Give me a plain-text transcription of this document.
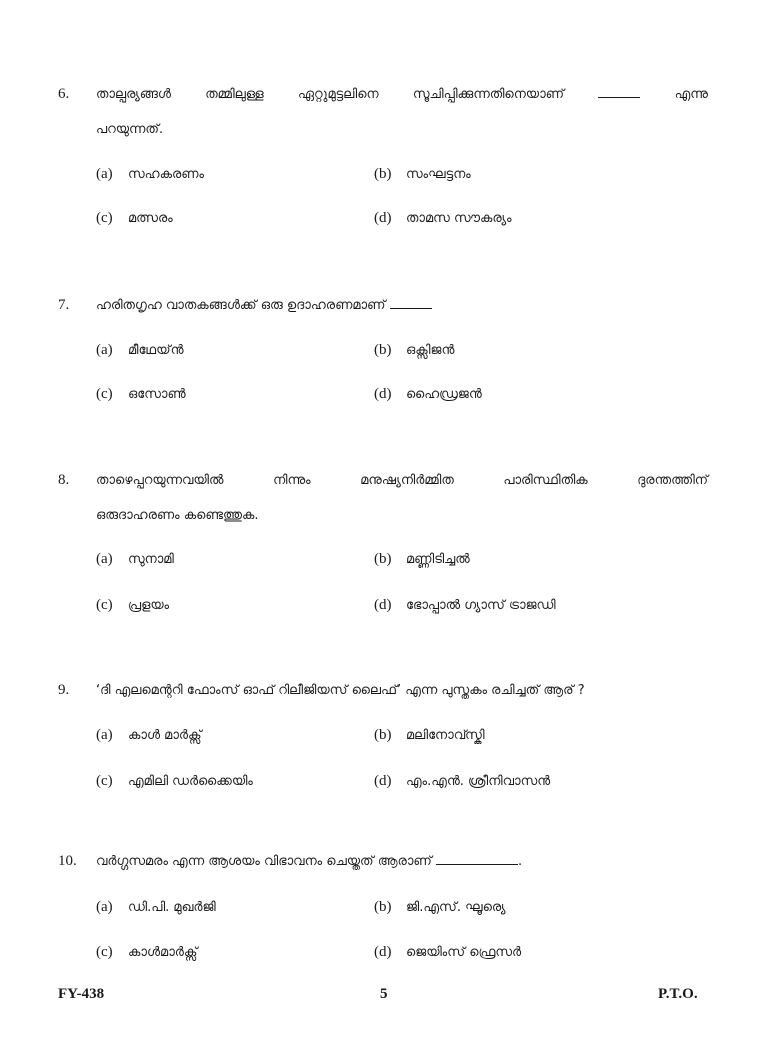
6. താല്പര്യങ്ങൾ തമ്മിലുള്ള ഏറ്റുമുട്ടലിനെ സൂചിപ്പിക്കുന്നതിനെയാണ്	എന്നു
പറയുന്നത്.
(a) സഹകരണം	(b) സംഘട്ടനം
(c) മത്സരം	(d) താമസ സൗകര്യം
7. ഹരിതഗൃഹ വാതകങ്ങൾക്ക് ഒരു ഉദാഹരണമാണ്
(a) മീഥേയ്ൻ	(b) ഒക്സിജൻ
(c) ഒസോൺ	(d) ഹൈഡ്രജൻ
8. താഴെപ്പറയുന്നവയിൽ നിന്നും മനുഷ്യനിർമ്മിത പാരിസ്ഥിതിക ദുരന്തത്തിന്
ഒരുദാഹരണം കണ്ടെത്തുക.
(a) സുനാമി	(b) മണ്ണിടിച്ചൽ
(c) പ്രളയം	(d) ഭോപ്പാൽ ഗ്യാസ് ട്രാജഡി
9. ‘ദി എലമെന്ററി ഫോംസ് ഓഫ് റിലീജിയസ് ലൈഫ്’ എന്ന പുസ്തകം രചിച്ചത് ആര് ?
(a) കാൾ മാർക്സ്	(b) മലിനോവ്സ്കി
(c) എമിലി ഡർക്കൈയിം	(d) എം.എൻ. ശ്രീനിവാസൻ
10. വർഗ്ഗസമരം എന്ന ആശയം വിഭാവനം ചെയ്തത് ആരാണ്	.
(a) ഡി.പി. മുഖർജി	(b) ജി.എസ്. ഘൂര്യെ
(c) കാൾമാർക്സ്	(d) ജെയിംസ് ഫ്രെസർ
FY-438	5	P.T.O.
